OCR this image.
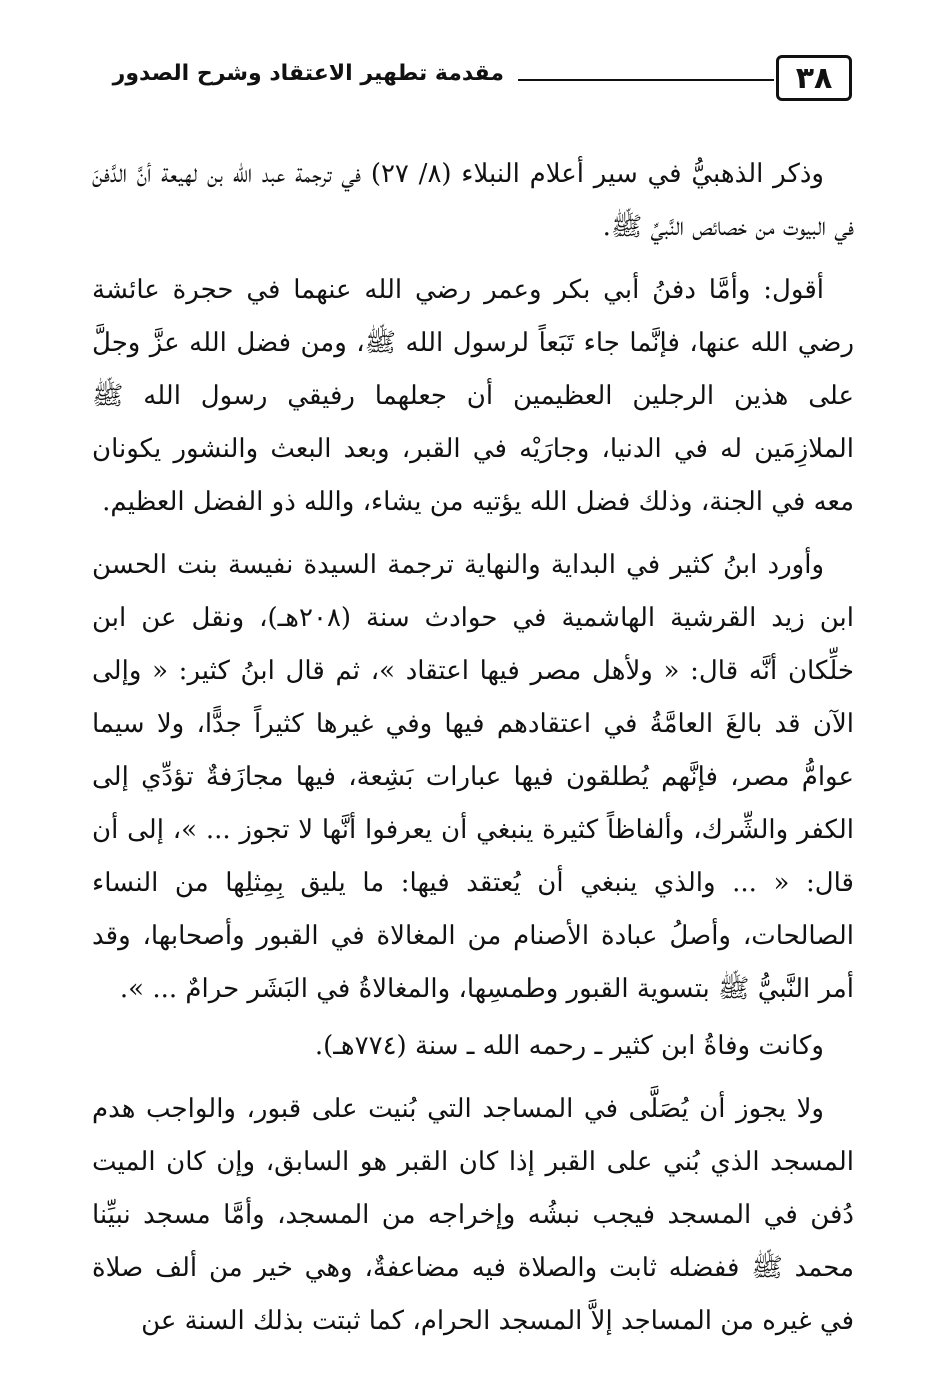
٣٨
مقدمة تطهير الاعتقاد وشرح الصدور

وذكر الذهبيُّ في سير أعلام النبلاء (٨/ ٢٧) في ترجمة عبد الله بن لهيعة أنَّ الدَّفنَ في البيوت من خصائص النَّبيِّ ﷺ.

أقول: وأمَّا دفنُ أبي بكر وعمر رضي الله عنهما في حجرة عائشة رضي الله عنها، فإنَّما جاء تَبَعاً لرسول الله ﷺ، ومن فضل الله عزَّ وجلَّ على هذين الرجلين العظيمين أن جعلهما رفيقي رسول الله ﷺ الملازِمَين له في الدنيا، وجارَيْه في القبر، وبعد البعث والنشور يكونان معه في الجنة، وذلك فضل الله يؤتيه من يشاء، والله ذو الفضل العظيم.

وأورد ابنُ كثير في البداية والنهاية ترجمة السيدة نفيسة بنت الحسن ابن زيد القرشية الهاشمية في حوادث سنة (٢٠٨هـ)، ونقل عن ابن خلِّكان أنَّه قال: « ولأهل مصر فيها اعتقاد »، ثم قال ابنُ كثير: « وإلى الآن قد بالغَ العامَّةُ في اعتقادهم فيها وفي غيرها كثيراً جدًّا، ولا سيما عوامُّ مصر، فإنَّهم يُطلقون فيها عبارات بَشِعة، فيها مجازَفةٌ تؤدِّي إلى الكفر والشِّرك، وألفاظاً كثيرة ينبغي أن يعرفوا أنَّها لا تجوز ... »، إلى أن قال: « ... والذي ينبغي أن يُعتقد فيها: ما يليق بِمِثلِها من النساء الصالحات، وأصلُ عبادة الأصنام من المغالاة في القبور وأصحابها، وقد أمر النَّبيُّ ﷺ بتسوية القبور وطمسِها، والمغالاةُ في البَشَر حرامٌ ... ».

وكانت وفاةُ ابن كثير ـ رحمه الله ـ سنة (٧٧٤هـ).

ولا يجوز أن يُصَلَّى في المساجد التي بُنيت على قبور، والواجب هدم المسجد الذي بُني على القبر إذا كان القبر هو السابق، وإن كان الميت دُفن في المسجد فيجب نبشُه وإخراجه من المسجد، وأمَّا مسجد نبيِّنا محمد ﷺ ففضله ثابت والصلاة فيه مضاعفةٌ، وهي خير من ألف صلاة في غيره من المساجد إلاَّ المسجد الحرام، كما ثبتت بذلك السنة عن
